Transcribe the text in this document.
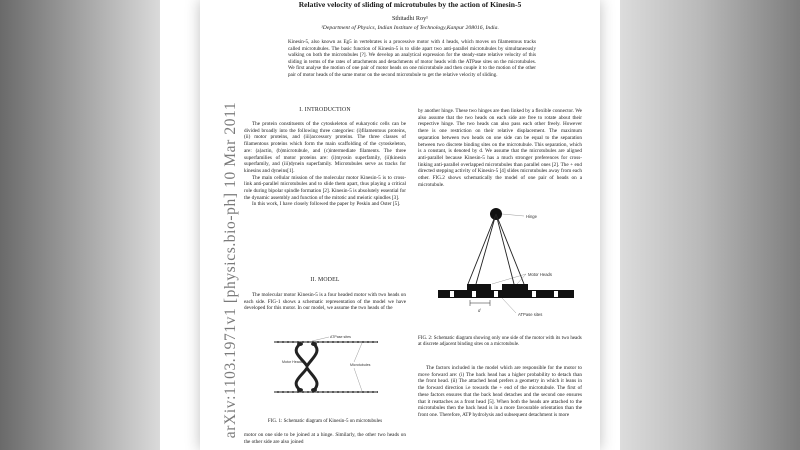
arXiv:1103.1971v1 [physics.bio-ph] 10 Mar 2011
Relative velocity of sliding of microtubules by the action of Kinesin-5
Sthitadhi Roy¹
¹Department of Physics, Indian Institute of Technology,Kanpur 208016, India.
Kinesin-5, also known as Eg5 in vertebrates is a processive motor with 4 heads, which moves on filamentous tracks called microtubules. The basic function of Kinesin-5 is to slide apart two anti-parallel microtubules by simultaneously walking on both the microtubules [?]. We develop an analytical expression for the steady-state relative velocity of this sliding in terms of the rates of attachments and detachments of motor heads with the ATPase sites on the microtubules. We first analyse the motion of one pair of motor heads on one microtubule and then couple it to the motion of the other pair of motor heads of the same motor on the second microtubule to get the relative velocity of sliding.
I. INTRODUCTION

The protein constituents of the cytoskeleton of eukaryotic cells can be divided broadly into the following three categories: (i)filamentous proteins, (ii) motor proteins, and (iii)accessory proteins. The three classes of filamentous proteins which form the main scaffolding of the cytoskeleton, are: (a)actin, (b)microtubule, and (c)intermediate filaments. The three superfamilies of motor proteins are: (i)myosin superfamily, (ii)kinesin superfamily, and (iii)dynein superfamily. Microtubules serve as tracks for kinesins and dyneins[1].

The main cellular mission of the molecular motor Kinesin-5 is to cross-link anti-parallel microtubules and to slide them apart, thus playing a critical role during bipolar spindle formation [2]. Kinesin-5 is absolutely essential for the dynamic assembly and function of the mitotic and meiotic spindles [3].

In this work, I have closely followed the paper by Peskin and Oster [5].

II. MODEL

The molecular motor Kinesin-5 is a four headed motor with two heads on each side. FIG-1 shows a schematic representation of the model we have developed for this motor. In our model, we assume the two heads of the

ATPase sites
Motor Heads
Microtubules
FIG. 1: Schematic diagram of Kinesin-5 on microtubules

motor on one side to be joined at a hinge. Similarly, the other two heads on the other side are also joined

by another hinge. These two hinges are then linked by a flexible connector. We also assume that the two heads on each side are free to rotate about their respective hinge. The two heads can also pass each other freely. However there is one restriction on their relative displacement. The maximum separation between two heads on one side can be equal to the separation between two discrete binding sites on the microtubule. This separation, which is a constant, is denoted by d. We assume that the microtubules are aligned anti-parallel because Kinesin-5 has a much stronger preferences for cross-linking anti-parallel overlapped microtubules than parallel ones [2]. The + end directed stepping activity of Kinesin-5 [4] slides microtubules away from each other. FIG.2 shows schematically the model of one pair of heads on a microtubule.

d
Hinge
Motor Heads
ATPase sites
FIG. 2: Schematic diagram showing only one side of the motor with its two heads at discrete adjacent binding sites on a microtubule.

The factors included in the model which are responsible for the motor to move forward are: (i) The back head has a higher probability to detach than the front head. (ii) The attached head prefers a geometry in which it leans in the forward direction i.e towards the + end of the microtubule. The first of these factors ensures that the back head detaches and the second one ensures that it reattaches as a front head [5]. When both the heads are attached to the microtubules then the back head is in a more favourable orientation than the front one. Therefore, ATP hydrolysis and subsequent detachment is more
